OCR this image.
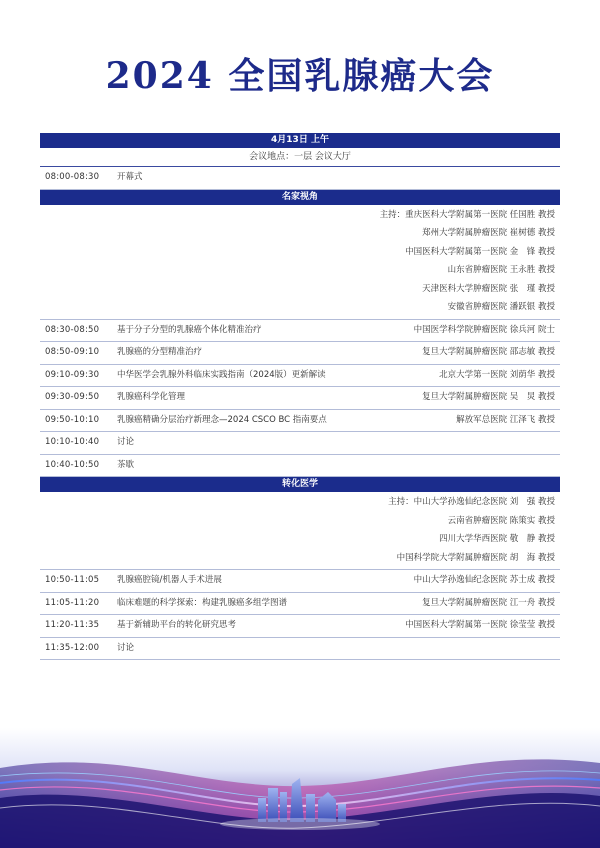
2024 全国乳腺癌大会
4月13日 上午
会议地点：一层 会议大厅
08:00-08:30 开幕式
名家视角
主持：重庆医科大学附属第一医院 任国胜 教授
郑州大学附属肿瘤医院 崔树德 教授
中国医科大学附属第一医院 金　锋 教授
山东省肿瘤医院 王永胜 教授
天津医科大学肿瘤医院 张　瑾 教授
安徽省肿瘤医院 潘跃银 教授
08:30-08:50 基于分子分型的乳腺癌个体化精准治疗	中国医学科学院肿瘤医院 徐兵河 院士
08:50-09:10 乳腺癌的分型精准治疗	复旦大学附属肿瘤医院 邵志敏 教授
09:10-09:30 中华医学会乳腺外科临床实践指南（2024版）更新解读	北京大学第一医院 刘荫华 教授
09:30-09:50 乳腺癌科学化管理	复旦大学附属肿瘤医院 吴　炅 教授
09:50-10:10 乳腺癌精确分层治疗新理念—2024 CSCO BC 指南要点	解放军总医院 江泽飞 教授
10:10-10:40 讨论
10:40-10:50 茶歇
转化医学
主持：中山大学孙逸仙纪念医院 刘　强 教授
云南省肿瘤医院 陈策实 教授
四川大学华西医院 敬　静 教授
中国科学院大学附属肿瘤医院 胡　海 教授
10:50-11:05 乳腺癌腔镜/机器人手术进展	中山大学孙逸仙纪念医院 苏士成 教授
11:05-11:20 临床难题的科学探索：构建乳腺癌多组学图谱	复旦大学附属肿瘤医院 江一舟 教授
11:20-11:35 基于新辅助平台的转化研究思考	中国医科大学附属第一医院 徐莹莹 教授
11:35-12:00 讨论
